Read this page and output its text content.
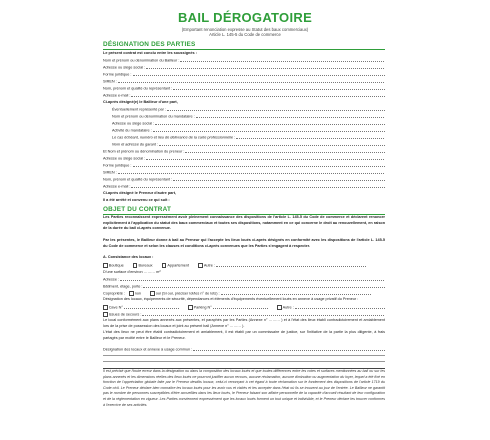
BAIL DÉROGATOIRE
(Emportant renonciation expresse au Statut des baux commerciaux)
Article L. 145-5 du Code de commerce
DÉSIGNATION DES PARTIES
Le présent contrat est conclu entre les soussignés :
Nom et prénom ou dénomination du Bailleur :
Adresse ou siège social :
Forme juridique :
SIREN :
Nom, prénom et qualité du représentant :
Adresse e-mail :
Ci-après désigné(e) le Bailleur d'une part,
Éventuellement représenté par :
Nom et prénom ou dénomination du mandataire :
Adresse ou siège social :
Activité du mandataire :
Le cas échéant, numéro et lieu de délivrance de la carte professionnelle :
Nom et adresse du garant :
Et Nom et prénom ou dénomination du preneur :
Adresse ou siège social :
Forme juridique :
SIREN :
Nom, prénom et qualité du représentant :
Adresse e-mail :
Ci-après désigné le Preneur d'autre part,
Il a été arrêté et convenu ce qui suit :
OBJET DU CONTRAT
Les Parties reconnaissent expressément avoir pleinement connaissance des dispositions de l'article L. 145-5 du Code de commerce et déclarent renoncer explicitement à l'application du statut des baux commerciaux et toutes ses dispositions, notamment en ce qui concerne le droit au renouvellement, en raison de la durée du bail ci-après convenue.
Par les présentes, le Bailleur donne à bail au Preneur qui l'accepte les lieux loués ci-après désignés en conformité avec les dispositions de l'article L. 145-5 du Code de commerce et selon les clauses et conditions ci-après convenues que les Parties s'engagent à respecter.
A. Consistance des locaux :
Boutique	Bureaux	Appartement	Autre :
D'une surface d'environ ……… m²
Adresse :
Bâtiment, étage, porte :
Copropriété :	non	oui (Si oui, préciser lot/les n° de lots) :
Désignation des locaux, équipements de sécurité, dépendances et éléments d'équipements éventuellement loués en annexe à usage privatif du Preneur :
Cave N°	Parking N°	Autre :
Issues de secours :
Le local conformément aux plans annexés aux présentes, et paraphés par les Parties (Annexe n° ……… ) et à l'état des lieux établi contradictoirement et amiablement lors de la prise de possession des locaux et joint au présent bail (Annexe n° ……… ).
L'état des lieux ne peut être établi contradictoirement et amiablement, il est établi par un commissaire de justice, sur l'initiative de la partie la plus diligente, à frais partagés par moitié entre le Bailleur et le Preneur.
Désignation des locaux et annexe à usage commun :
Il est précisé que l'toute erreur dans la désignation ou dans la composition des locaux loués et que toutes différences entre les cotes et surfaces mentionnées au bail ou sur les plans annexés et les dimensions réelles des lieux loués ne pourront justifier aucun recours, aucune réclamation, aucune diminution ou augmentation du loyer, lequel a été fixé en fonction de l'appréciation globale faite par le Preneur desdits locaux, celui-ci renonçant à cet égard à toute réclamation sur le fondement des dispositions de l'article 1719 du Code civil. Le Preneur déclare bien connaître les locaux loués pour les avoir vus et visités et les accepter dans l'état où ils se trouvent au jour de l'entrée. Le Bailleur ne garantit pas le nombre de personnes susceptibles d'être accueillies dans les lieux loués, le Preneur faisant son affaire personnelle de la capacité d'accueil résultant de leur configuration et de la réglementation en vigueur. Les Parties conviennent expressément que les locaux loués forment un tout unique et indivisible, et le Preneur déclare les trouver conformes à l'exercice de ses activités.
